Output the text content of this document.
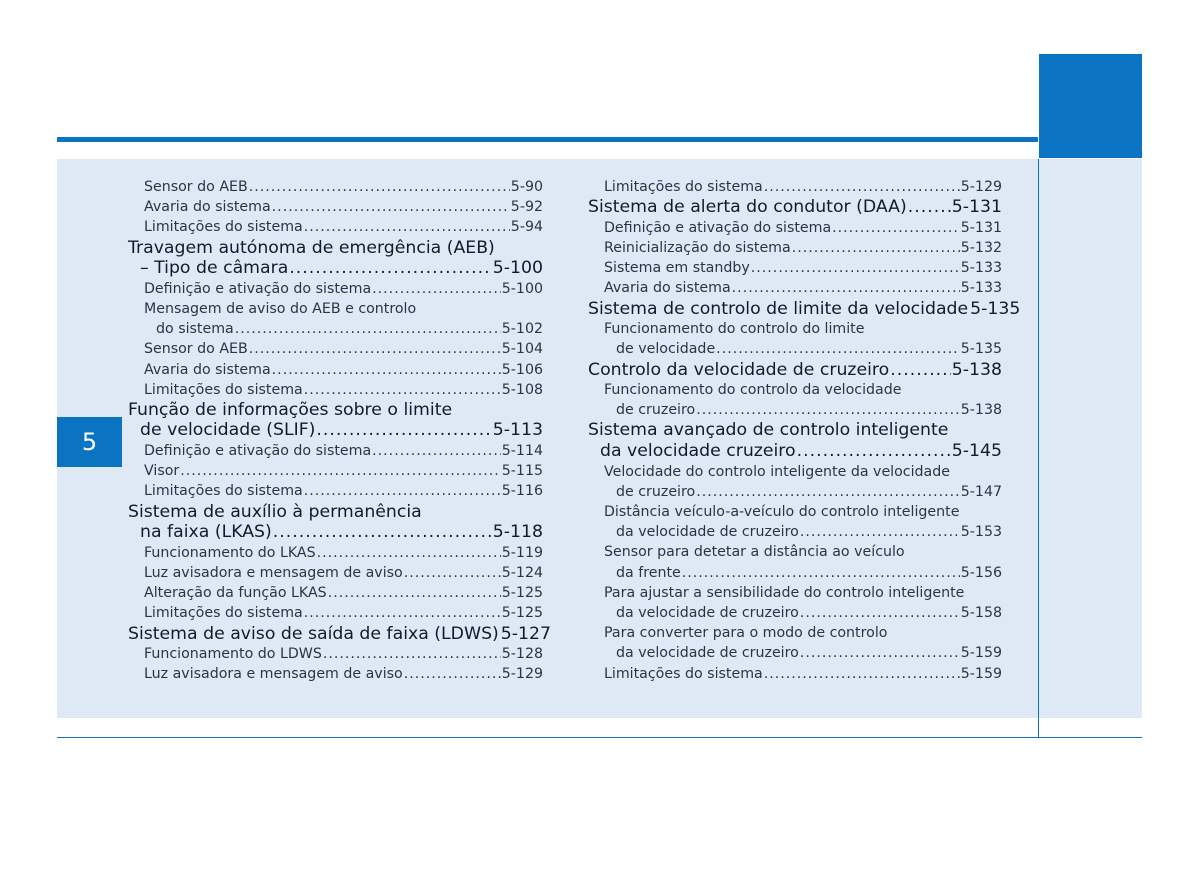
5
Sensor do AEB .....	5-90
Avaria do sistema .....	5-92
Limitações do sistema .....	5-94
Travagem autónoma de emergência (AEB)
– Tipo de câmara .....	5-100
Definição e ativação do sistema .....	5-100
Mensagem de aviso do AEB e controlo
do sistema .....	5-102
Sensor do AEB .....	5-104
Avaria do sistema .....	5-106
Limitações do sistema .....	5-108
Função de informações sobre o limite
de velocidade (SLIF) .....	5-113
Definição e ativação do sistema .....	5-114
Visor .....	5-115
Limitações do sistema .....	5-116
Sistema de auxílio à permanência
na faixa (LKAS) .....	5-118
Funcionamento do LKAS .....	5-119
Luz avisadora e mensagem de aviso .....	5-124
Alteração da função LKAS .....	5-125
Limitações do sistema .....	5-125
Sistema de aviso de saída de faixa (LDWS) 5-127
Funcionamento do LDWS .....	5-128
Luz avisadora e mensagem de aviso .....	5-129
Limitações do sistema .....	5-129
Sistema de alerta do condutor (DAA) .....	5-131
Definição e ativação do sistema .....	5-131
Reinicialização do sistema .....	5-132
Sistema em standby .....	5-133
Avaria do sistema .....	5-133
Sistema de controlo de limite da velocidade 5-135
Funcionamento do controlo do limite
de velocidade .....	5-135
Controlo da velocidade de cruzeiro .....	5-138
Funcionamento do controlo da velocidade
de cruzeiro .....	5-138
Sistema avançado de controlo inteligente
da velocidade cruzeiro .....	5-145
Velocidade do controlo inteligente da velocidade
de cruzeiro .....	5-147
Distância veículo-a-veículo do controlo inteligente
da velocidade de cruzeiro .....	5-153
Sensor para detetar a distância ao veículo
da frente .....	5-156
Para ajustar a sensibilidade do controlo inteligente
da velocidade de cruzeiro .....	5-158
Para converter para o modo de controlo
da velocidade de cruzeiro .....	5-159
Limitações do sistema .....	5-159
